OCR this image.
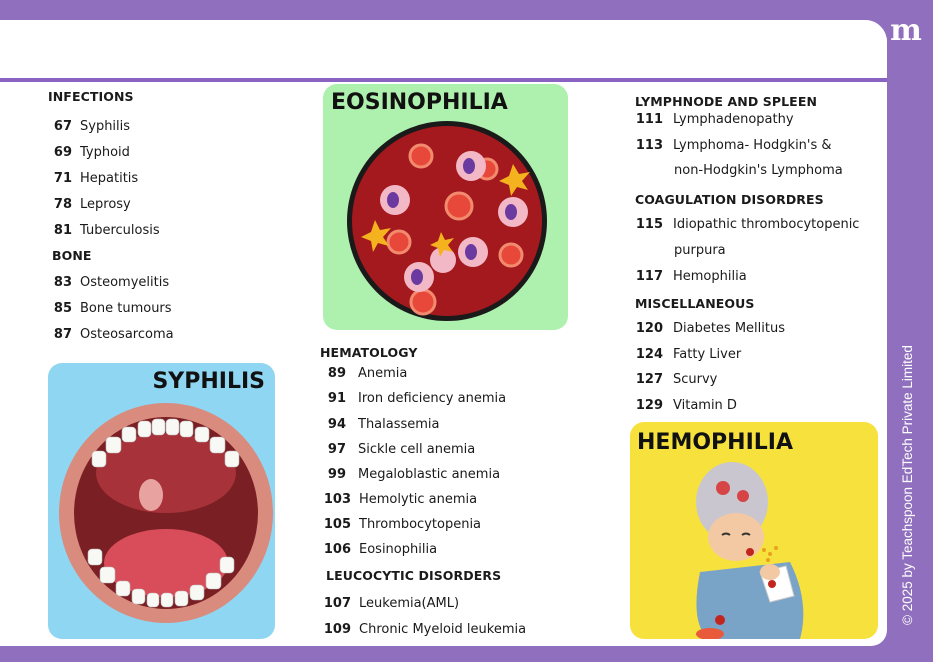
INFECTIONS
67 Syphilis
69 Typhoid
71 Hepatitis
78 Leprosy
81 Tuberculosis
BONE
83 Osteomyelitis
85 Bone tumours
87 Osteosarcoma
SYPHILIS
EOSINOPHILIA
HEMATOLOGY
89 Anemia
91 Iron deficiency anemia
94 Thalassemia
97 Sickle cell anemia
99 Megaloblastic anemia
103 Hemolytic anemia
105 Thrombocytopenia
106 Eosinophilia
LEUCOCYTIC DISORDERS
107 Leukemia(AML)
109 Chronic Myeloid leukemia
LYMPHNODE AND SPLEEN
111 Lymphadenopathy
113 Lymphoma- Hodgkin's &
non-Hodgkin's Lymphoma
COAGULATION DISORDRES
115 Idiopathic thrombocytopenic
purpura
117 Hemophilia
MISCELLANEOUS
120 Diabetes Mellitus
124 Fatty Liver
127 Scurvy
129 Vitamin D
HEMOPHILIA
m
© 2025 by Teachspoon EdTech Private Limited
